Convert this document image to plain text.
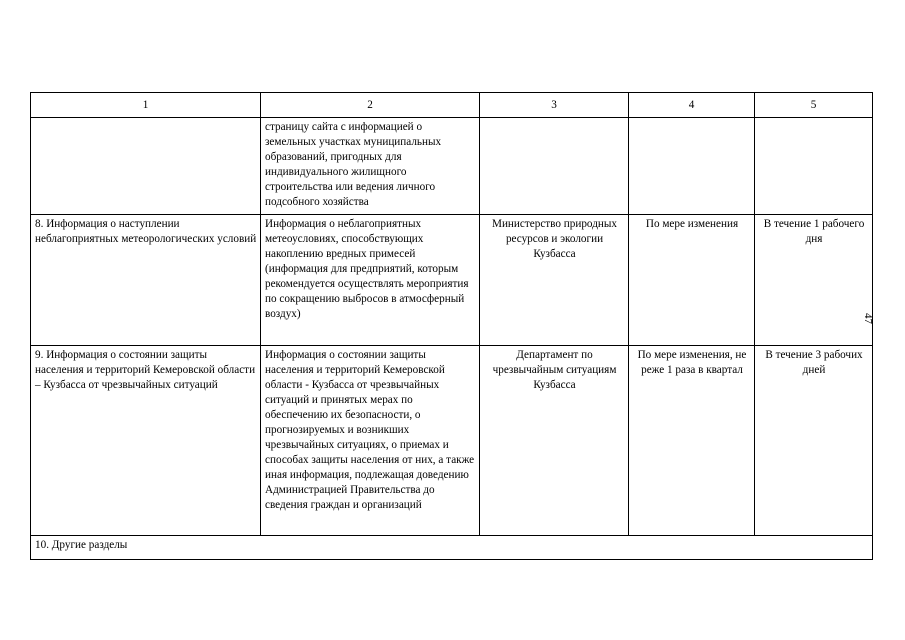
1	2	3	4	5
	страницу сайта с информацией о земельных участках муниципальных образований, пригодных для индивидуального жилищного строительства или ведения личного подсобного хозяйства			
8. Информация о наступлении неблагоприятных метеорологических условий	Информация о неблагоприятных метеоусловиях, способствующих накоплению вредных примесей (информация для предприятий, которым рекомендуется осуществлять мероприятия по сокращению выбросов в атмосферный воздух)	Министерство природных ресурсов и экологии Кузбасса	По мере изменения	В течение 1 рабочего дня
9. Информация о состоянии защиты населения и территорий Кемеровской области – Кузбасса от чрезвычайных ситуаций	Информация о состоянии защиты населения и территорий Кемеровской области - Кузбасса от чрезвычайных ситуаций и принятых мерах по обеспечению их безопасности, о прогнозируемых и возникших чрезвычайных ситуациях, о приемах и способах защиты населения от них, а также иная информация, подлежащая доведению Администрацией Правительства до сведения граждан и организаций	Департамент по чрезвычайным ситуациям Кузбасса	По мере изменения, не реже 1 раза в квартал	В течение 3 рабочих дней
10. Другие разделы				
47
